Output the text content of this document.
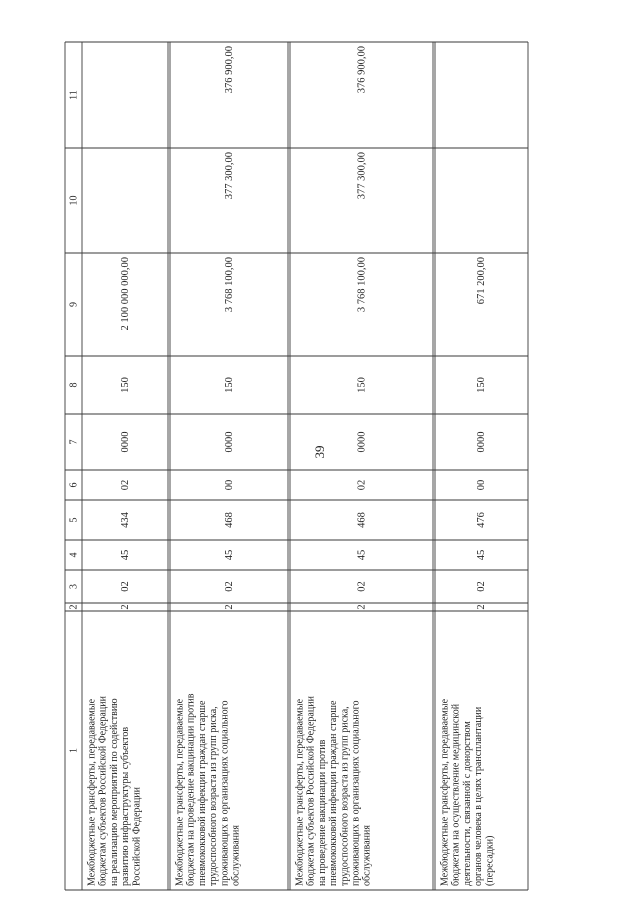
39
1
2
3
4
5
6
7
8
9
10
11
Межбюджетные трансферты, передаваемые бюджетам субъектов Российской Федерации на реализацию мероприятий по содействию развитию инфраструктуры субъектов Российской Федерации
2
02
45
434
02
0000
150
2 100 000 000,00
Межбюджетные трансферты, передаваемые бюджетам на проведение вакцинации против пневмококковой инфекции граждан старше трудоспособного возраста из групп риска, проживающих в организациях социального обслуживания
2
02
45
468
00
0000
150
3 768 100,00
377 300,00
376 900,00
Межбюджетные трансферты, передаваемые бюджетам субъектов Российской Федерации на проведение вакцинации против пневмококковой инфекции граждан старше трудоспособного возраста из групп риска, проживающих в организациях социального обслуживания
2
02
45
468
02
0000
150
3 768 100,00
377 300,00
376 900,00
Межбюджетные трансферты, передаваемые бюджетам на осуществление медицинской деятельности, связанной с донорством органов человека в целях трансплантации (пересадки)
2
02
45
476
00
0000
150
671 200,00
